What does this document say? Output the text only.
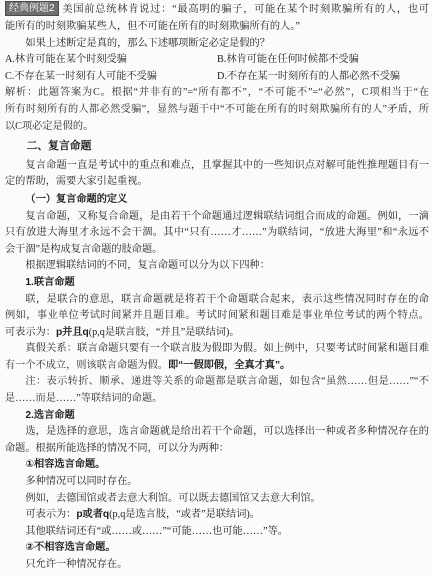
经典例题2 美国前总统林肯说过：“最高明的骗子，可能在某个时刻欺骗所有的人，也可
能所有的时刻欺骗某些人，但不可能在所有的时刻欺骗所有的人。”
如果上述断定是真的，那么下述哪项断定必定是假的？
A.林肯可能在某个时刻受骗	B.林肯可能在任何时候都不受骗
C.不存在某一时刻有人可能不受骗	D.不存在某一时刻所有的人都必然不受骗
解析：此题答案为C。根据“并非有的”=“所有都不”，“不可能不”=“必然”，C项相当于“在
所有时刻所有的人都必然受骗”，显然与题干中“不可能在所有的时刻欺骗所有的人”矛盾，所
以C项必定是假的。
二、复言命题
复言命题一直是考试中的重点和难点，且掌握其中的一些知识点对解可能性推理题目有一
定的帮助，需要大家引起重视。
（一）复言命题的定义
复言命题，又称复合命题，是由若干个命题通过逻辑联结词组合而成的命题。例如，一滴
只有放进大海里才永远不会干涸。其中“只有……才……”为联结词，“放进大海里”和“永远不
会干涸”是构成复言命题的肢命题。
根据逻辑联结词的不同，复言命题可以分为以下四种：
1.联言命题
联，是联合的意思，联言命题就是将若干个命题联合起来，表示这些情况同时存在的命
例如，事业单位考试时间紧并且题目难。考试时间紧和题目难是事业单位考试的两个特点。
可表示为：p并且q(p,q是联言肢，“并且”是联结词)。
真假关系：联言命题只要有一个联言肢为假即为假。如上例中，只要考试时间紧和题目难
有一个不成立，则该联言命题为假。即“一假即假，全真才真”。
注：表示转折、顺承、递进等关系的命题都是联言命题，如包含“虽然……但是……”“不
是……而是……”等联结词的命题。
2.选言命题
选，是选择的意思，选言命题就是给出若干个命题，可以选择出一种或者多种情况存在的
命题。根据所能选择的情况不同，可以分为两种：
①相容选言命题。
多种情况可以同时存在。
例如，去德国馆或者去意大利馆。可以既去德国馆又去意大利馆。
可表示为：p或者q(p,q是选言肢，“或者”是联结词)。
其他联结词还有“或……或……”“可能……也可能……”等。
②不相容选言命题。
只允许一种情况存在。
